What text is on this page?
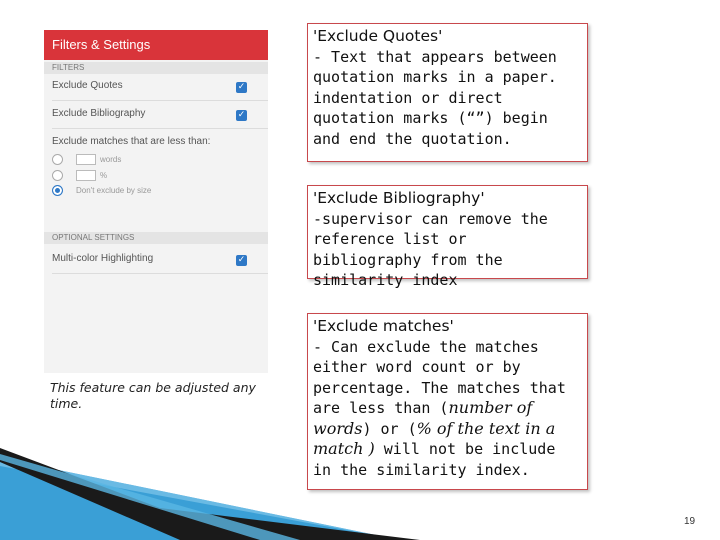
Filters & Settings
FILTERS
Exclude Quotes	✓
Exclude Bibliography	✓
Exclude matches that are less than:
words
%
Don't exclude by size
OPTIONAL SETTINGS
Multi-color Highlighting	✓
This feature can be adjusted any time.
'Exclude Quotes'
- Text that appears between quotation marks in a paper. indentation or direct quotation marks (“”) begin and end the quotation.
'Exclude Bibliography'
-supervisor can remove the reference list or bibliography from the similarity index
'Exclude matches'
- Can exclude the matches either word count or by percentage. The matches that are less than (number of words) or (% of the text in a match ) will not be include in the similarity index.
19
